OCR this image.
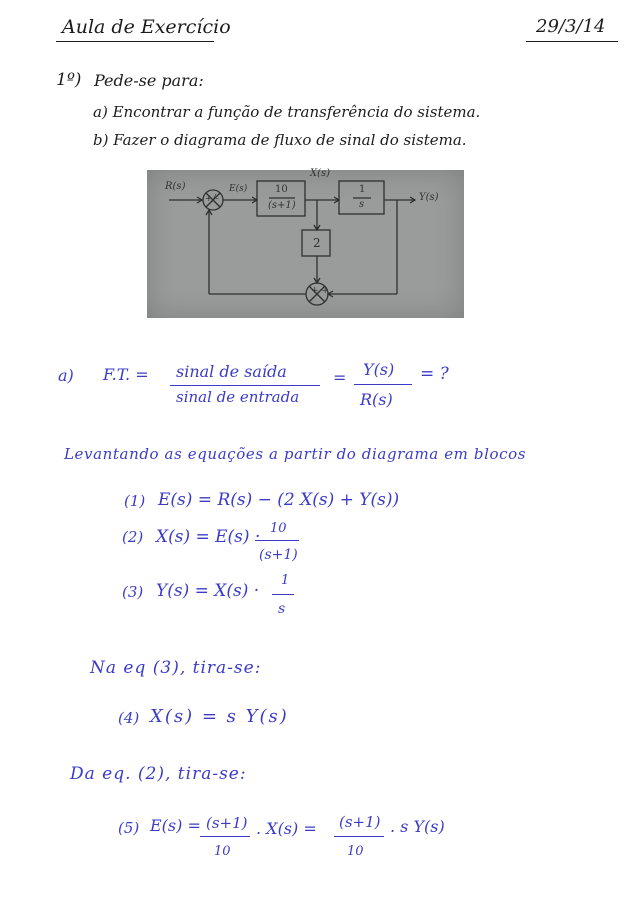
Aula de Exercício	29/3/14
1º) Pede-se para:
a) Encontrar a função de transferência do sistema.
b) Fazer o diagrama de fluxo de sinal do sistema.
R(s)
+/-
E(s)	10
(s+1)
X(s)
1
s
Y(s)
2
+ +
a) F.T. = sinal de saída
sinal de entrada
= Y(s)
R(s)
= ?
Levantando as equações a partir do diagrama em blocos
(1) E(s) = R(s) − (2 X(s) + Y(s))
(2) X(s) = E(s) · 10
(s+1)
(3) Y(s) = X(s) ·
1
s
Na eq (3), tira-se:
(4) X(s) = s Y(s)
Da eq. (2), tira-se:
(5) E(s) = (s+1)
10
. X(s) = (s+1)
10
. s Y(s)
